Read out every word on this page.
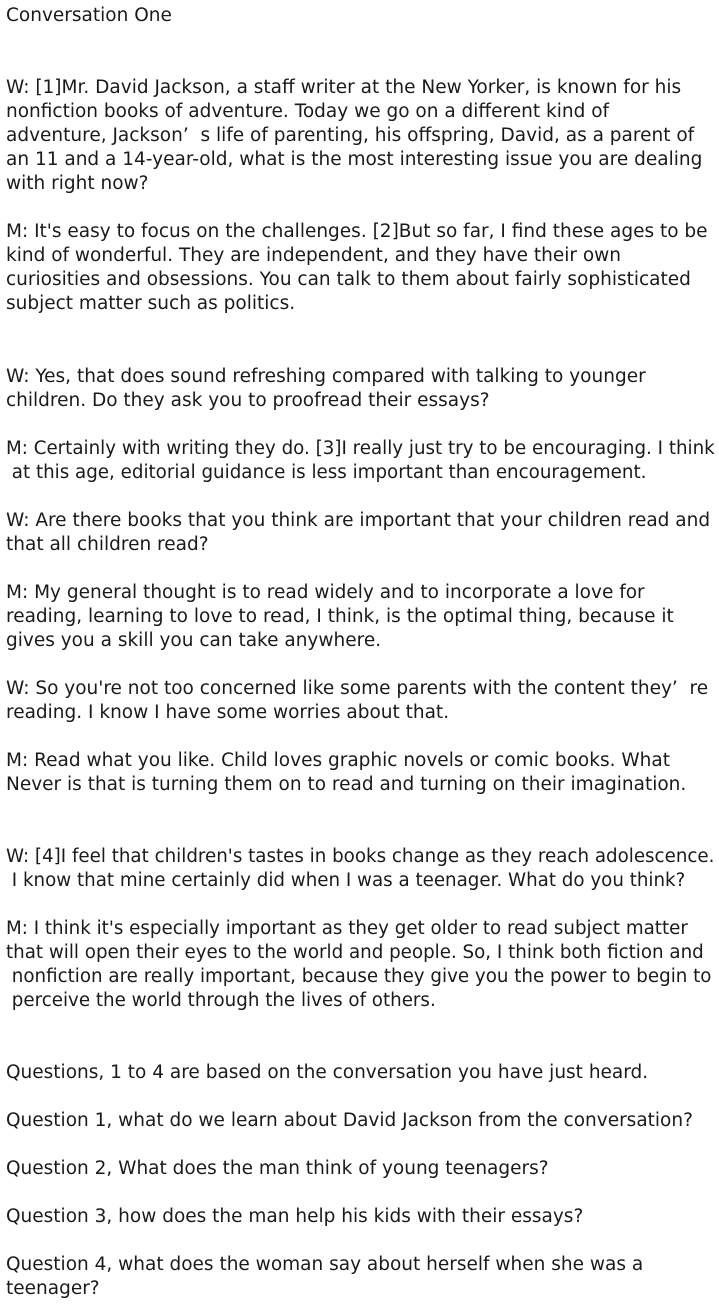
Conversation One
W: [1]Mr. David Jackson, a staff writer at the New Yorker, is known for his
nonfiction books of adventure. Today we go on a different kind of
adventure, Jackson’  s life of parenting, his offspring, David, as a parent of
an 11 and a 14-year-old, what is the most interesting issue you are dealing
with right now?
M: It's easy to focus on the challenges. [2]But so far, I find these ages to be
kind of wonderful. They are independent, and they have their own
curiosities and obsessions. You can talk to them about fairly sophisticated
subject matter such as politics.
W: Yes, that does sound refreshing compared with talking to younger
children. Do they ask you to proofread their essays?
M: Certainly with writing they do. [3]I really just try to be encouraging. I think
at this age, editorial guidance is less important than encouragement.
W: Are there books that you think are important that your children read and
that all children read?
M: My general thought is to read widely and to incorporate a love for
reading, learning to love to read, I think, is the optimal thing, because it
gives you a skill you can take anywhere.
W: So you're not too concerned like some parents with the content they’  re
reading. I know I have some worries about that.
M: Read what you like. Child loves graphic novels or comic books. What
Never is that is turning them on to read and turning on their imagination.
W: [4]I feel that children's tastes in books change as they reach adolescence.
I know that mine certainly did when I was a teenager. What do you think?
M: I think it's especially important as they get older to read subject matter
that will open their eyes to the world and people. So, I think both fiction and
nonfiction are really important, because they give you the power to begin to
perceive the world through the lives of others.
Questions, 1 to 4 are based on the conversation you have just heard.
Question 1, what do we learn about David Jackson from the conversation?
Question 2, What does the man think of young teenagers?
Question 3, how does the man help his kids with their essays?
Question 4, what does the woman say about herself when she was a
teenager?
